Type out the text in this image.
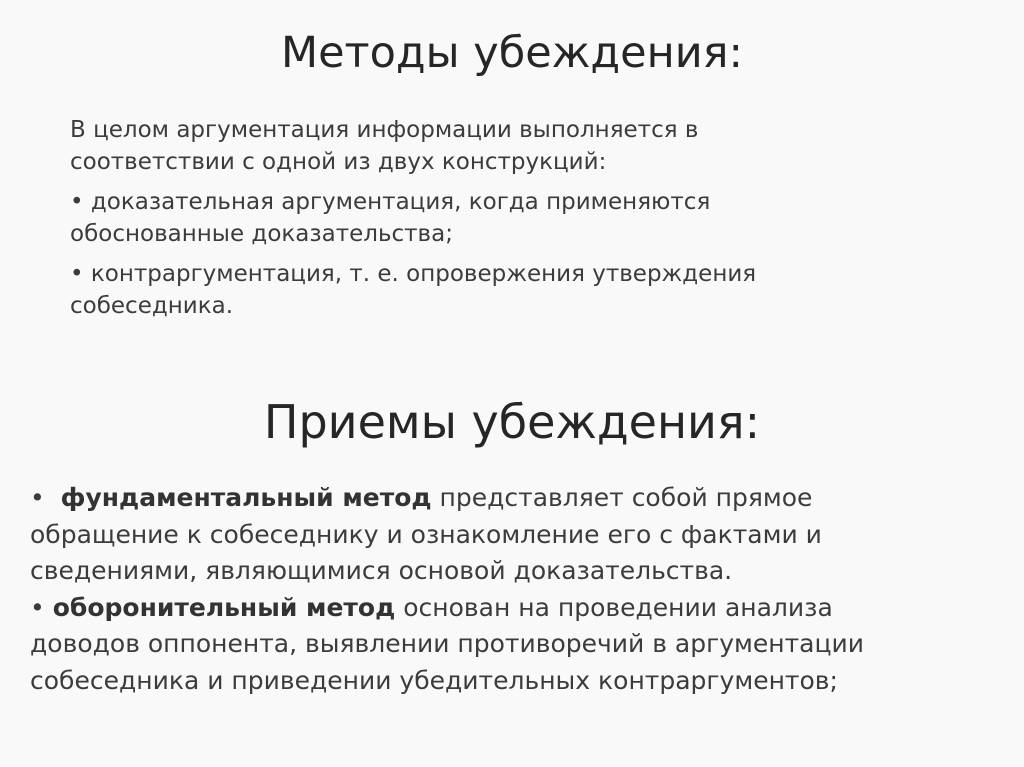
Методы убеждения:

В целом аргументация информации выполняется в
соответствии с одной из двух конструкций:

• доказательная аргументация, когда применяются
обоснованные доказательства;

• контраргументация, т. е. опровержения утверждения
собеседника.

Приемы убеждения:

• фундаментальный метод представляет собой прямое
обращение к собеседнику и ознакомление его с фактами и
сведениями, являющимися основой доказательства.

• оборонительный метод основан на проведении анализа
доводов оппонента, выявлении противоречий в аргументации
собеседника и приведении убедительных контраргументов;
